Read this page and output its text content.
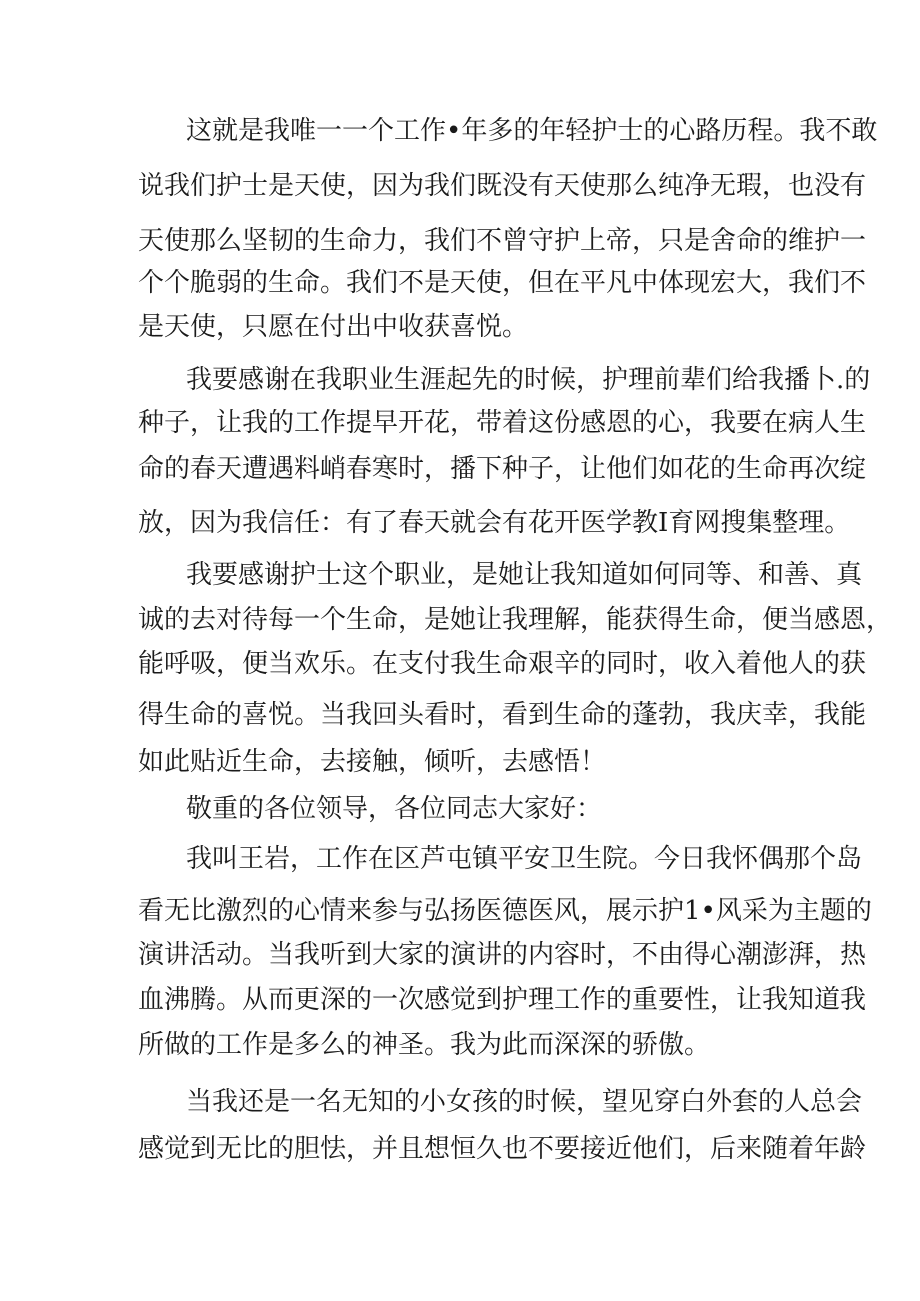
这就是我唯一一个工作•年多的年轻护士的心路历程。我不敢
说我们护士是天使，因为我们既没有天使那么纯净无瑕，也没有
天使那么坚韧的生命力，我们不曾守护上帝，只是舍命的维护一
个个脆弱的生命。我们不是天使，但在平凡中体现宏大，我们不
是天使，只愿在付出中收获喜悦。
我要感谢在我职业生涯起先的时候，护理前辈们给我播卜.的
种子，让我的工作提早开花，带着这份感恩的心，我要在病人生
命的春天遭遇料峭春寒时，播下种子，让他们如花的生命再次绽
放，因为我信任：有了春天就会有花开医学教I育网搜集整理。
我要感谢护士这个职业，是她让我知道如何同等、和善、真
诚的去对待每一个生命，是她让我理解，能获得生命，便当感恩，
能呼吸，便当欢乐。在支付我生命艰辛的同时，收入着他人的获
得生命的喜悦。当我回头看时，看到生命的蓬勃，我庆幸，我能
如此贴近生命，去接触，倾听，去感悟！
敬重的各位领导，各位同志大家好：
我叫王岩，工作在区芦屯镇平安卫生院。今日我怀偶那个岛
看无比激烈的心情来参与弘扬医德医风，展示护1•风采为主题的
演讲活动。当我听到大家的演讲的内容时，不由得心潮澎湃，热
血沸腾。从而更深的一次感觉到护理工作的重要性，让我知道我
所做的工作是多么的神圣。我为此而深深的骄傲。
当我还是一名无知的小女孩的时候，望见穿白外套的人总会
感觉到无比的胆怯，并且想恒久也不要接近他们，后来随着年龄
